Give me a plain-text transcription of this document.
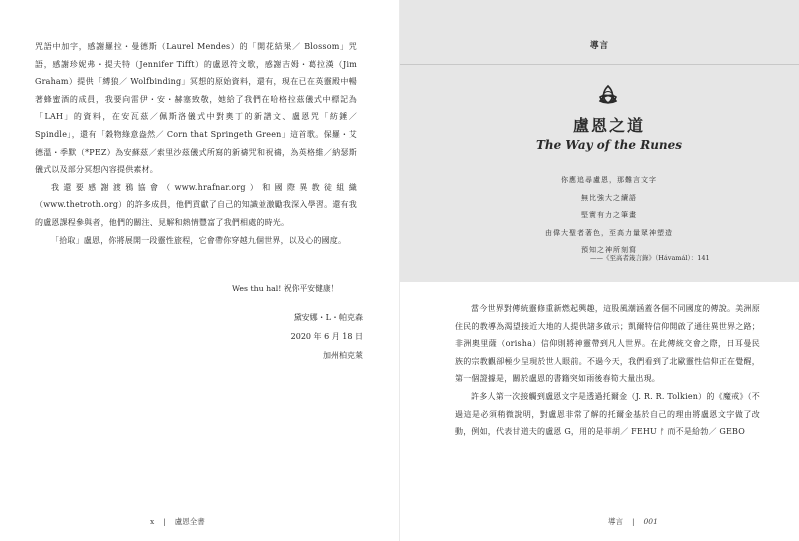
咒語中加字，感謝羅拉・曼德斯（Laurel Mendes）的「開花結果／ Blossom」咒語，感謝珍妮弗・提夫特（Jennifer Tifft）的盧恩符文歌，感謝吉姆・葛拉漢（Jim Graham）提供「縛狼／ Wolfbinding」冥想的原始資料，還有，現在已在英靈殿中暢著蜂蜜酒的成員，我要向雷伊・安・赫塞致敬，她給了我們在哈格拉茲儀式中標記為「LAH」的資料，在安瓦茲／佩斯洛儀式中對奧丁的新譜文、盧恩咒「紡錘／ Spindle」，還有「穀物綠意盎然／ Corn that Springeth Green」這首歌。保羅・艾德溫・季默（*PEZ）為安蘇茲／索里沙茲儀式所寫的新禱咒和祝禱，為英格維／納瑟斯儀式以及部分冥想內容提供素材。

我還要感謝渡鴉協會（www.hrafnar.org）和國際異教徒組織（www.thetroth.org）的許多成員，他們貢獻了自己的知識並激勵我深入學習。還有我的盧恩課程參與者，他們的關注、見解和熱情豐富了我們相處的時光。

「拾取」盧恩，你將展開一段靈性旅程，它會帶你穿越九個世界，以及心的國度。

Wes thu hal! 祝你平安健康！
黛安娜・L・帕克森
2020 年 6 月 18 日
加州柏克萊
x | 盧恩全書
導言
盧恩之道
The Way of the Runes
你應追尋盧恩，那難言文字
無比強大之續語
堅實有力之筆畫
由偉大聖者著色，至高力量眾神塑造
預知之神所刻寫
——《至高者箴言錄》（Hávamál）：141

當今世界對傳統靈修重新燃起興趣，這股風潮涵蓋各個不同國度的傳說。美洲原住民的教導為渴望接近大地的人提供諸多啟示；凱爾特信仰開啟了通往異世界之路；非洲奧里薩（orisha）信仰則將神靈帶到凡人世界。在此傳統交會之際，日耳曼民族的宗教觀卻極少呈現於世人眼前。不過今天，我們看到了北歐靈性信仰正在覺醒，第一個證據是，關於盧恩的書籍突如雨後春筍大量出現。

許多人第一次接觸到盧恩文字是透過托爾金（J. R. R. Tolkien）的《魔戒》（不過這是必須稍微說明，對盧恩非常了解的托爾金基於自己的理由將盧恩文字做了改動，例如，代表甘道夫的盧恩 G，用的是菲胡／ FEHU ᚠ 而不是給勃／ GEBO

導言 | 001
